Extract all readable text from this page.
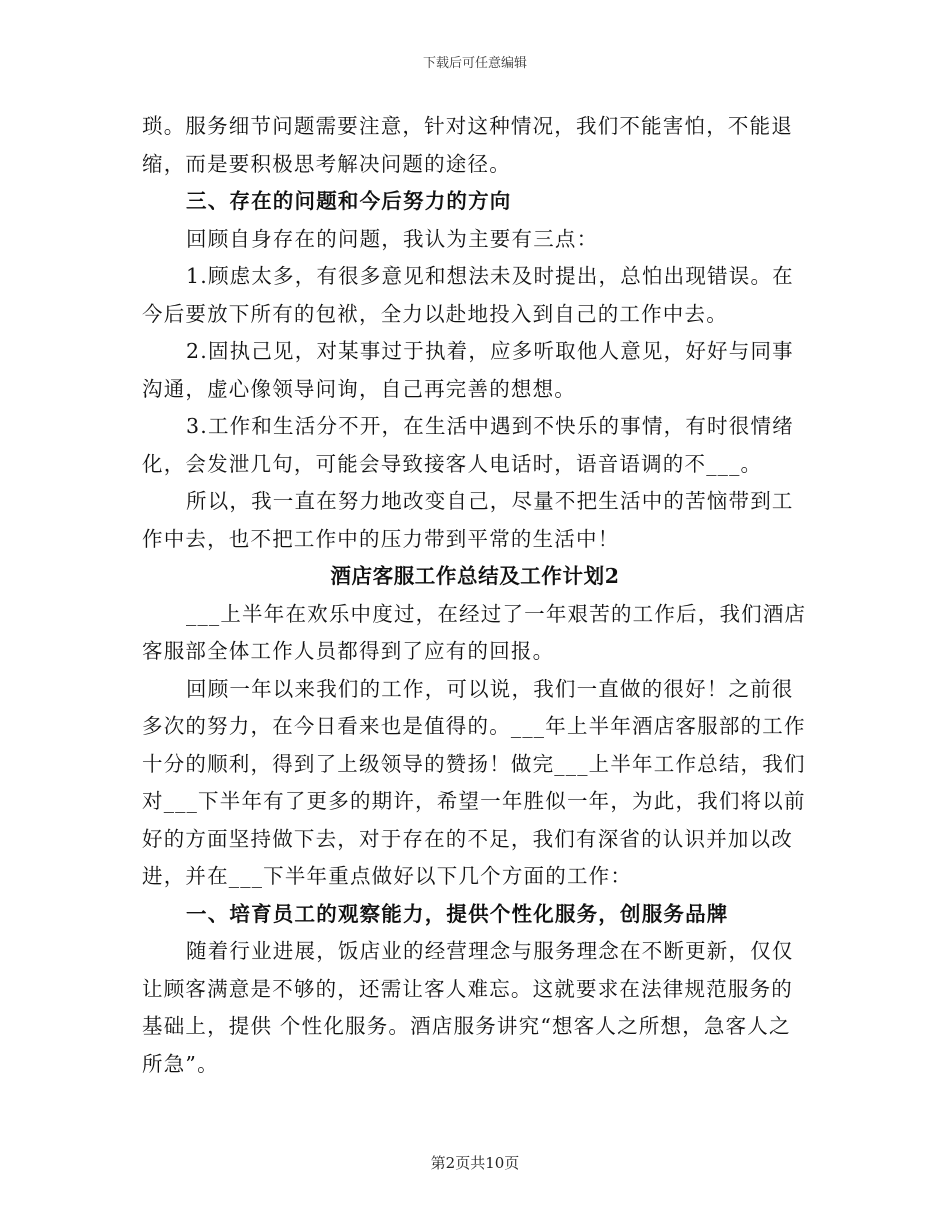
下载后可任意编辑
琐。服务细节问题需要注意，针对这种情况，我们不能害怕，不能退
缩，而是要积极思考解决问题的途径。
三、存在的问题和今后努力的方向
回顾自身存在的问题，我认为主要有三点：
1.顾虑太多，有很多意见和想法未及时提出，总怕出现错误。在
今后要放下所有的包袱，全力以赴地投入到自己的工作中去。
2.固执己见，对某事过于执着，应多听取他人意见，好好与同事
沟通，虚心像领导问询，自己再完善的想想。
3.工作和生活分不开，在生活中遇到不快乐的事情，有时很情绪
化，会发泄几句，可能会导致接客人电话时，语音语调的不___。
所以，我一直在努力地改变自己，尽量不把生活中的苦恼带到工
作中去，也不把工作中的压力带到平常的生活中！
酒店客服工作总结及工作计划2
___上半年在欢乐中度过，在经过了一年艰苦的工作后，我们酒店
客服部全体工作人员都得到了应有的回报。
回顾一年以来我们的工作，可以说，我们一直做的很好！之前很
多次的努力，在今日看来也是值得的。___年上半年酒店客服部的工作
十分的顺利，得到了上级领导的赞扬！做完___上半年工作总结，我们
对___下半年有了更多的期许，希望一年胜似一年，为此，我们将以前
好的方面坚持做下去，对于存在的不足，我们有深省的认识并加以改
进，并在___下半年重点做好以下几个方面的工作：
一、培育员工的观察能力，提供个性化服务，创服务品牌
随着行业进展，饭店业的经营理念与服务理念在不断更新，仅仅
让顾客满意是不够的，还需让客人难忘。这就要求在法律规范服务的
基础上，提供 个性化服务。酒店服务讲究“想客人之所想，急客人之
所急”。
第2页共10页
